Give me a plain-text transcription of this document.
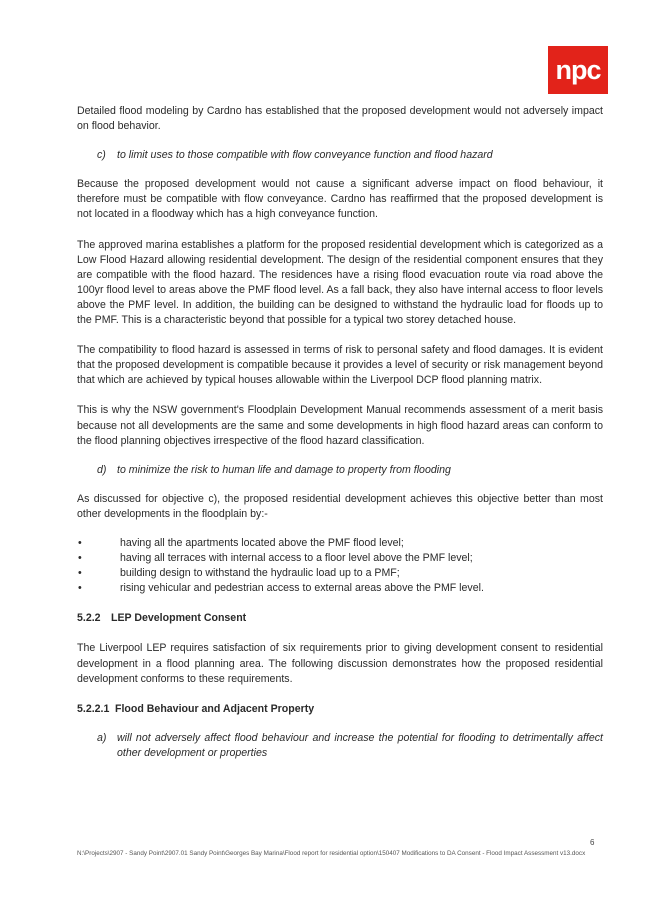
npc

Detailed flood modeling by Cardno has established that the proposed development would not adversely impact on flood behavior.

c) to limit uses to those compatible with flow conveyance function and flood hazard

Because the proposed development would not cause a significant adverse impact on flood behaviour, it therefore must be compatible with flow conveyance. Cardno has reaffirmed that the proposed development is not located in a floodway which has a high conveyance function.

The approved marina establishes a platform for the proposed residential development which is categorized as a Low Flood Hazard allowing residential development. The design of the residential component ensures that they are compatible with the flood hazard. The residences have a rising flood evacuation route via road above the 100yr flood level to areas above the PMF flood level. As a fall back, they also have internal access to floor levels above the PMF level. In addition, the building can be designed to withstand the hydraulic load for floods up to the PMF. This is a characteristic beyond that possible for a typical two storey detached house.

The compatibility to flood hazard is assessed in terms of risk to personal safety and flood damages. It is evident that the proposed development is compatible because it provides a level of security or risk management beyond that which are achieved by typical houses allowable within the Liverpool DCP flood planning matrix.

This is why the NSW government's Floodplain Development Manual recommends assessment of a merit basis because not all developments are the same and some developments in high flood hazard areas can conform to the flood planning objectives irrespective of the flood hazard classification.

d) to minimize the risk to human life and damage to property from flooding

As discussed for objective c), the proposed residential development achieves this objective better than most other developments in the floodplain by:-

•	having all the apartments located above the PMF flood level;
•	having all terraces with internal access to a floor level above the PMF level;
•	building design to withstand the hydraulic load up to a PMF;
•	rising vehicular and pedestrian access to external areas above the PMF level.
5.2.2 LEP Development Consent

The Liverpool LEP requires satisfaction of six requirements prior to giving development consent to residential development in a flood planning area. The following discussion demonstrates how the proposed residential development conforms to these requirements.

5.2.2.1 Flood Behaviour and Adjacent Property

a) will not adversely affect flood behaviour and increase the potential for flooding to detrimentally affect other development or properties

6
N:\Projects\2907 - Sandy Point\2907.01 Sandy Point\Georges Bay Marina\Flood report for residential option\150407 Modifications to DA Consent - Flood Impact Assessment v13.docx
